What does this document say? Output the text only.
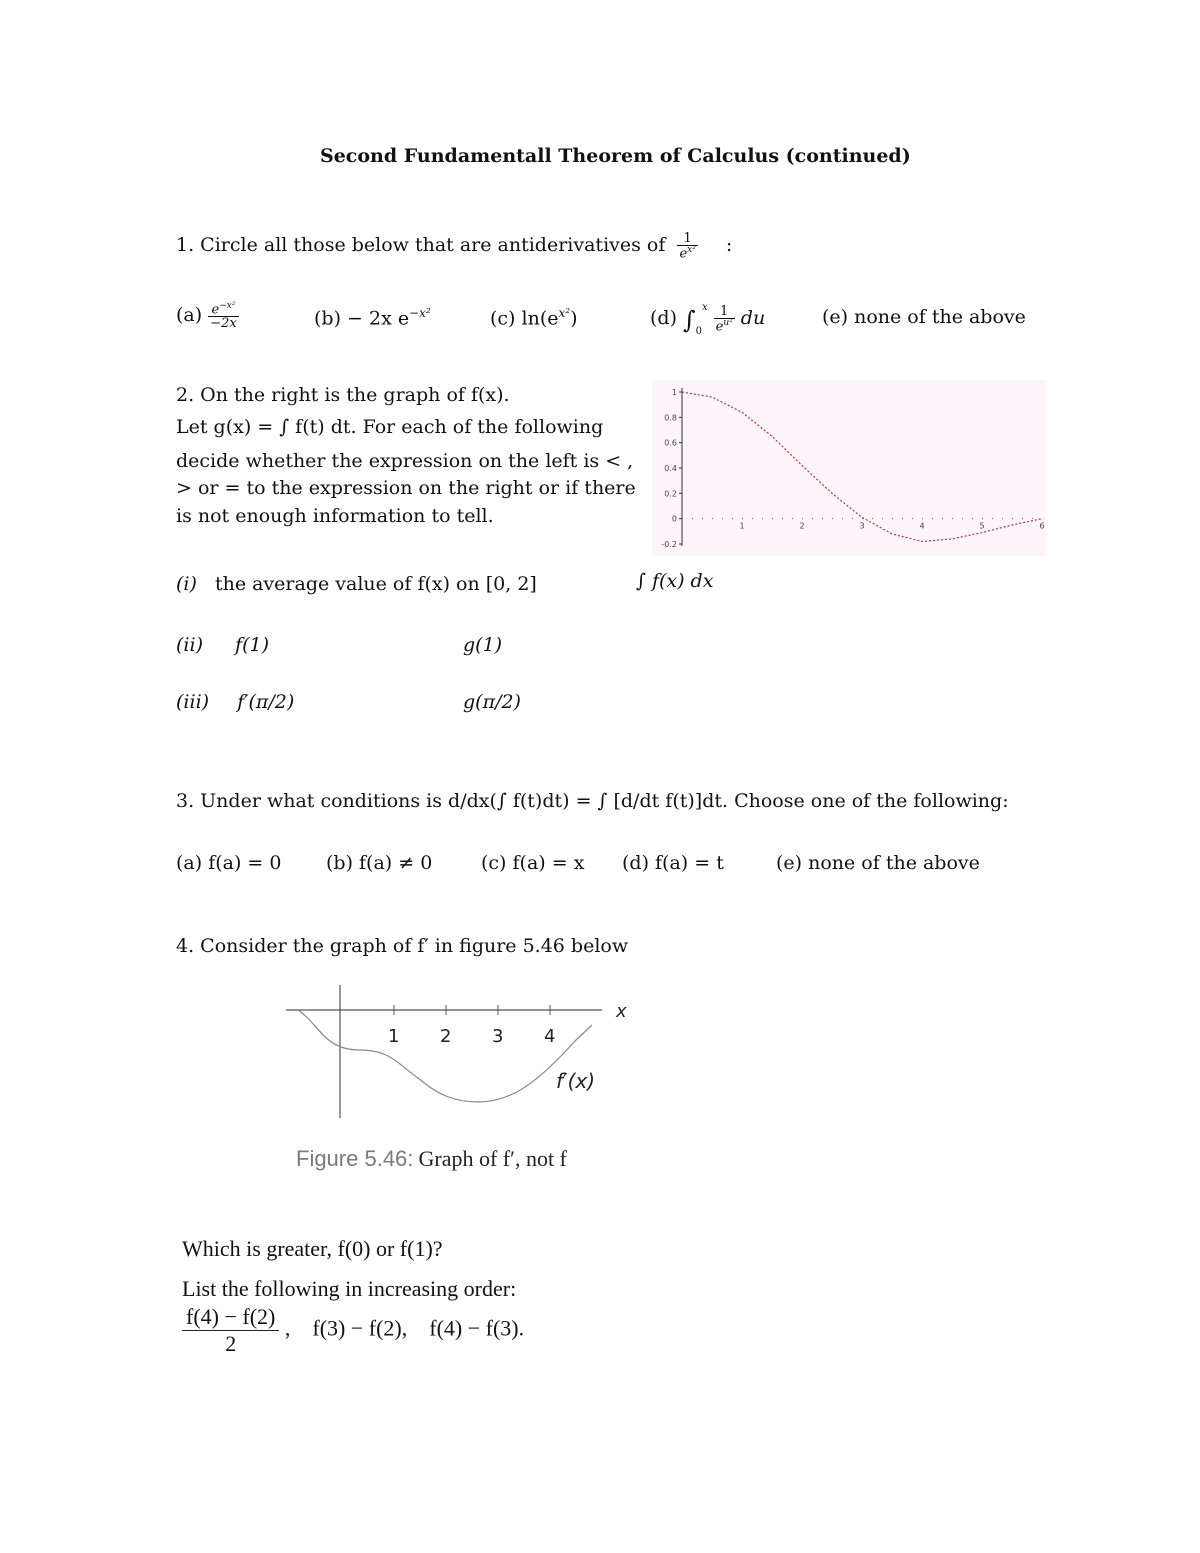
Second Fundamentall Theorem of Calculus (continued)
1. Circle all those below that are antiderivatives of $\frac{1}{e^{x^2}}$ :
$(a) \frac{e^{-x^2}}{-2x}$	(b) − 2x $e^{-x^2}$	(c) $\ln(e^{x^2})$	(d) $\int_0^x \frac{1}{e^{u^2}}$ du	(e) none of the above
2. On the right is the graph of f(x).
Let g(x) = ∫ f(t) dt. For each of the following
decide whether the expression on the left is < ,
> or = to the expression on the right or if there
is not enough information to tell.
1
0.8
0.6
0.4
0.2
0
-0.2
1	2	3	4	5	6
(i) the average value of f(x) on [0, 2]	∫ f(x) dx
(ii) f(1)	g(1)
(iii) f′(π/2)	g(π/2)
3. Under what conditions is d/dx(∫ f(t)dt) = ∫ [d/dt f(t)]dt. Choose one of the following:
(a) f(a) = 0 (b) f(a) ≠ 0	(c) f(a) = x (d) f(a) = t	(e) none of the above
4. Consider the graph of f′ in figure 5.46 below
1 2 3 4
x
f′(x)
Figure 5.46: Graph of f′, not f
Which is greater, f(0) or f(1)?
List the following in increasing order:
$\frac{f(4) - f(2)}{2}$ ,    f(3) − f(2),    f(4) − f(3).
